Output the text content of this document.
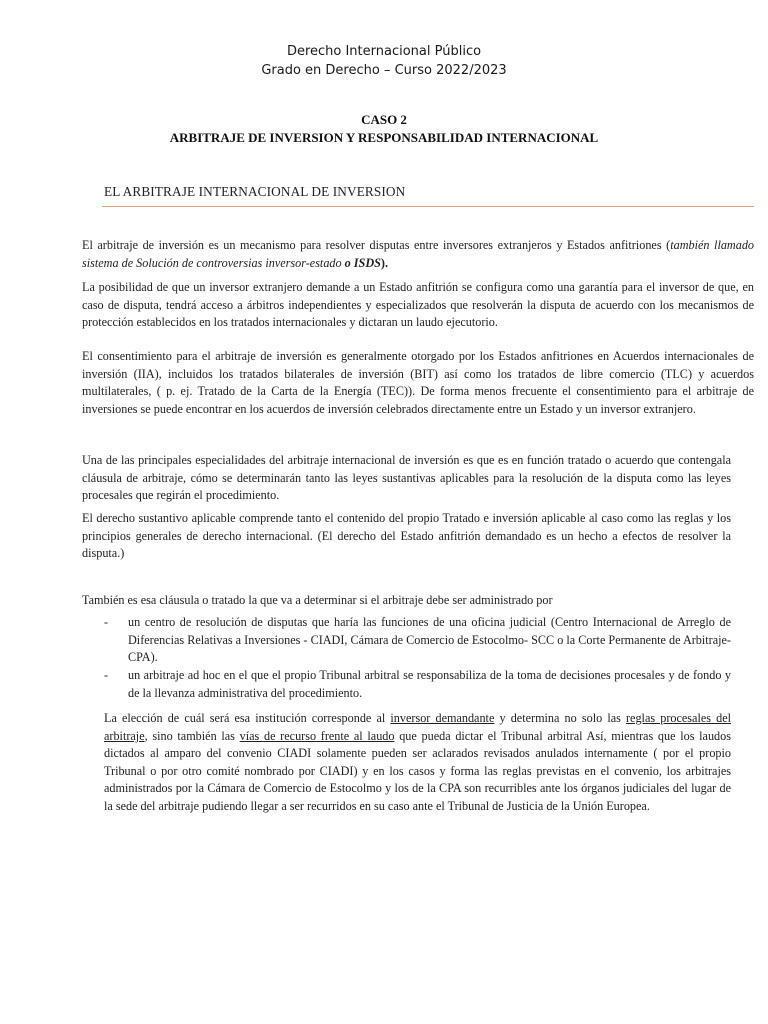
Derecho Internacional Público
Grado en Derecho – Curso 2022/2023
CASO 2
ARBITRAJE DE INVERSION Y RESPONSABILIDAD INTERNACIONAL
EL ARBITRAJE INTERNACIONAL DE INVERSION
El arbitraje de inversión es un mecanismo para resolver disputas entre inversores extranjeros y Estados anfitriones (también llamado sistema de Solución de controversias inversor-estado o ISDS).
La posibilidad de que un inversor extranjero demande a un Estado anfitrión se configura como una garantía para el inversor de que, en caso de disputa, tendrá acceso a árbitros independientes y especializados que resolverán la disputa de acuerdo con los mecanismos de protección establecidos en los tratados internacionales y dictaran un laudo ejecutorio.
El consentimiento para el arbitraje de inversión es generalmente otorgado por los Estados anfitriones en Acuerdos internacionales de inversión (IIA), incluidos los tratados bilaterales de inversión (BIT) así como los tratados de libre comercio (TLC) y acuerdos multilaterales, ( p. ej. Tratado de la Carta de la Energía (TEC)). De forma menos frecuente el consentimiento para el arbitraje de inversiones se puede encontrar en los acuerdos de inversión celebrados directamente entre un Estado y un inversor extranjero.
Una de las principales especialidades del arbitraje internacional de inversión es que es en función tratado o acuerdo que contengala cláusula de arbitraje, cómo se determinarán tanto las leyes sustantivas aplicables para la resolución de la disputa como las leyes procesales que regirán el procedimiento.
El derecho sustantivo aplicable comprende tanto el contenido del propio Tratado e inversión aplicable al caso como las reglas y los principios generales de derecho internacional. (El derecho del Estado anfitrión demandado es un hecho a efectos de resolver la disputa.)
También es esa cláusula o tratado la que va a determinar si el arbitraje debe ser administrado por
- un centro de resolución de disputas que haría las funciones de una oficina judicial (Centro Internacional de Arreglo de Diferencias Relativas a Inversiones - CIADI, Cámara de Comercio de Estocolmo- SCC o la Corte Permanente de Arbitraje- CPA).
- un arbitraje ad hoc en el que el propio Tribunal arbitral se responsabiliza de la toma de decisiones procesales y de fondo y de la llevanza administrativa del procedimiento.
La elección de cuál será esa institución corresponde al inversor demandante y determina no solo las reglas procesales del arbitraje, sino también las vías de recurso frente al laudo que pueda dictar el Tribunal arbitral Así, mientras que los laudos dictados al amparo del convenio CIADI solamente pueden ser aclarados revisados anulados internamente ( por el propio Tribunal o por otro comité nombrado por CIADI) y en los casos y forma las reglas previstas en el convenio, los arbitrajes administrados por la Cámara de Comercio de Estocolmo y los de la CPA son recurribles ante los órganos judiciales del lugar de la sede del arbitraje pudiendo llegar a ser recurridos en su caso ante el Tribunal de Justicia de la Unión Europea.
